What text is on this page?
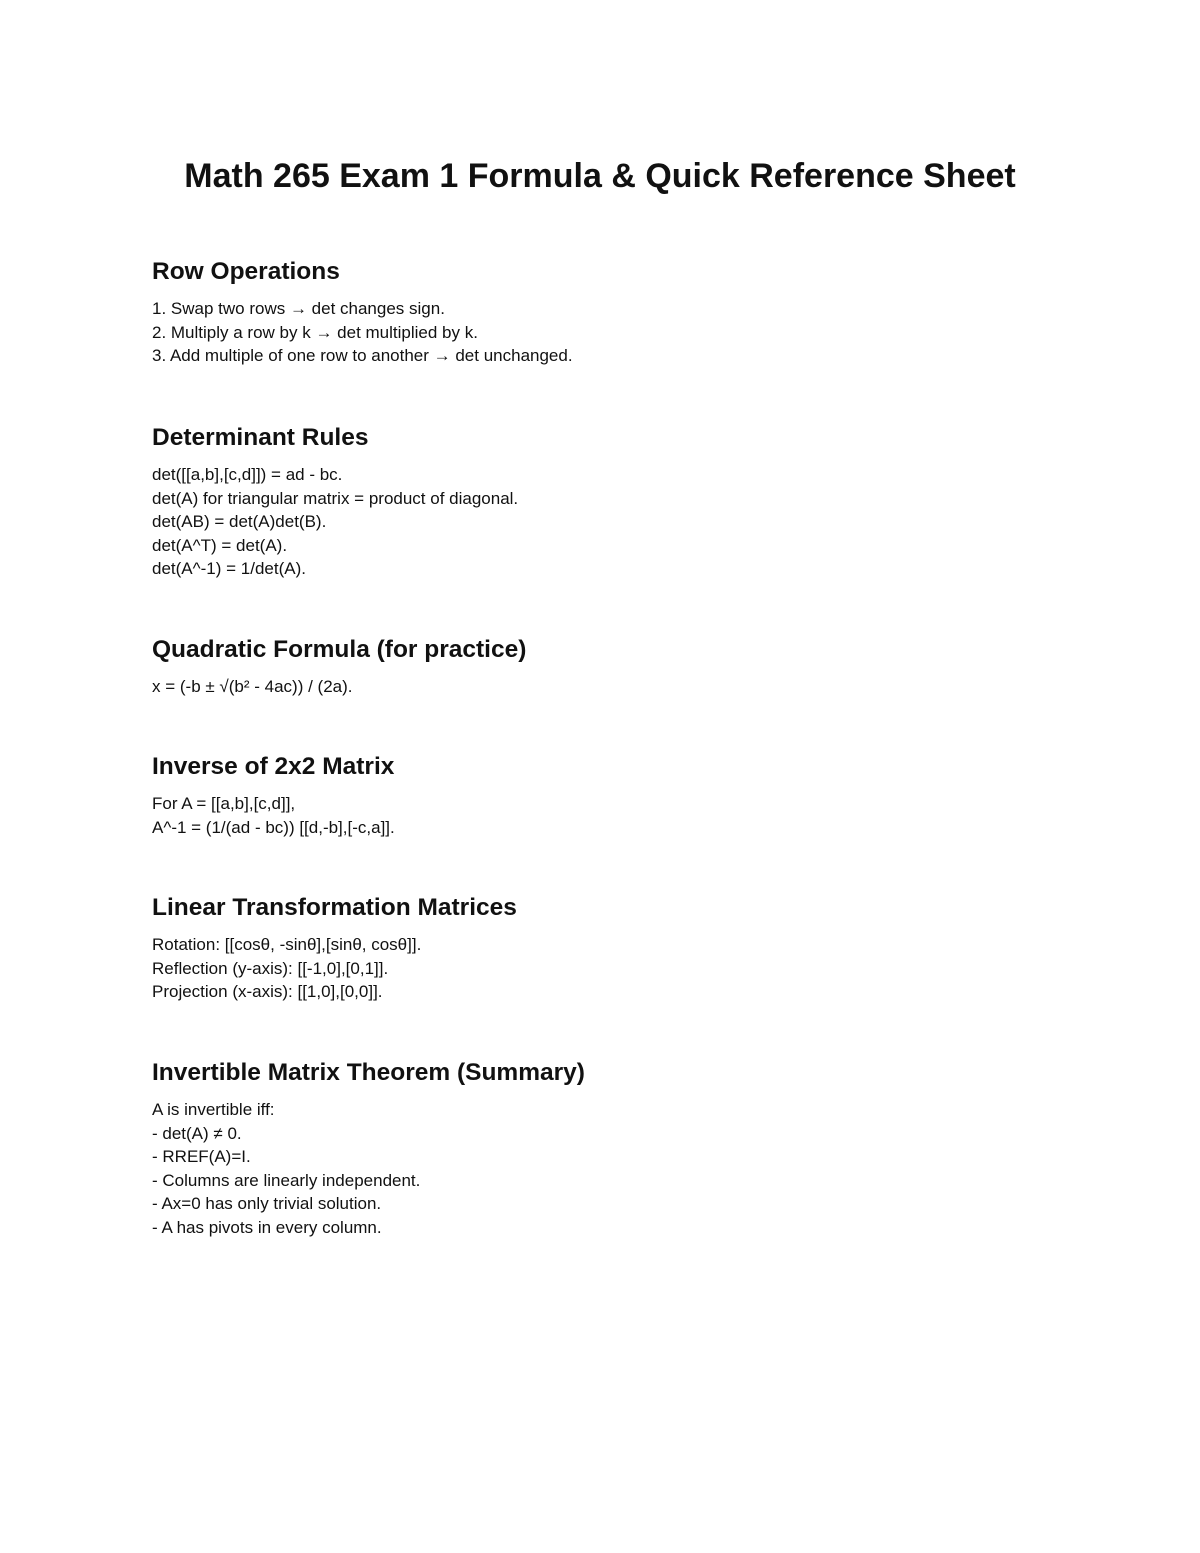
Math 265 Exam 1 Formula & Quick Reference Sheet
Row Operations

1. Swap two rows → det changes sign.

2. Multiply a row by k → det multiplied by k.

3. Add multiple of one row to another → det unchanged.

Determinant Rules

det([[a,b],[c,d]]) = ad - bc.

det(A) for triangular matrix = product of diagonal.

det(AB) = det(A)det(B).

det(A^T) = det(A).

det(A^-1) = 1/det(A).

Quadratic Formula (for practice)

x = (-b ± √(b² - 4ac)) / (2a).

Inverse of 2x2 Matrix

For A = [[a,b],[c,d]],

A^-1 = (1/(ad - bc)) [[d,-b],[-c,a]].

Linear Transformation Matrices

Rotation: [[cosθ, -sinθ],[sinθ, cosθ]].

Reflection (y-axis): [[-1,0],[0,1]].

Projection (x-axis): [[1,0],[0,0]].

Invertible Matrix Theorem (Summary)

A is invertible iff:

- det(A) ≠ 0.

- RREF(A)=I.

- Columns are linearly independent.

- Ax=0 has only trivial solution.

- A has pivots in every column.
